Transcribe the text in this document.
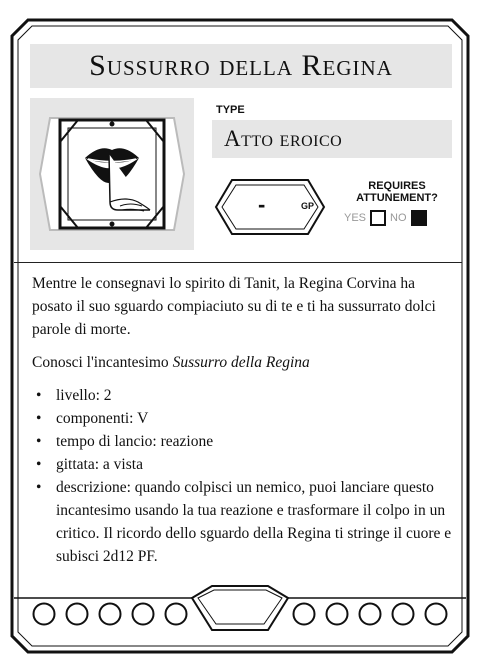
Sussurro della Regina
TYPE
Atto eroico
-	GP
REQUIRES
ATTUNEMENT?
YES NO

Mentre le consegnavi lo spirito di Tanit, la Regina Corvina ha posato il suo sguardo compiaciuto su di te e ti ha sussurrato dolci parole di morte.

Conosci l'incantesimo Sussurro della Regina

• livello: 2
• componenti: V
• tempo di lancio: reazione
• gittata: a vista
• descrizione: quando colpisci un nemico, puoi lanciare questo incantesimo usando la tua reazione e trasformare il colpo in un critico. Il ricordo dello sguardo della Regina ti stringe il cuore e subisci 2d12 PF.
